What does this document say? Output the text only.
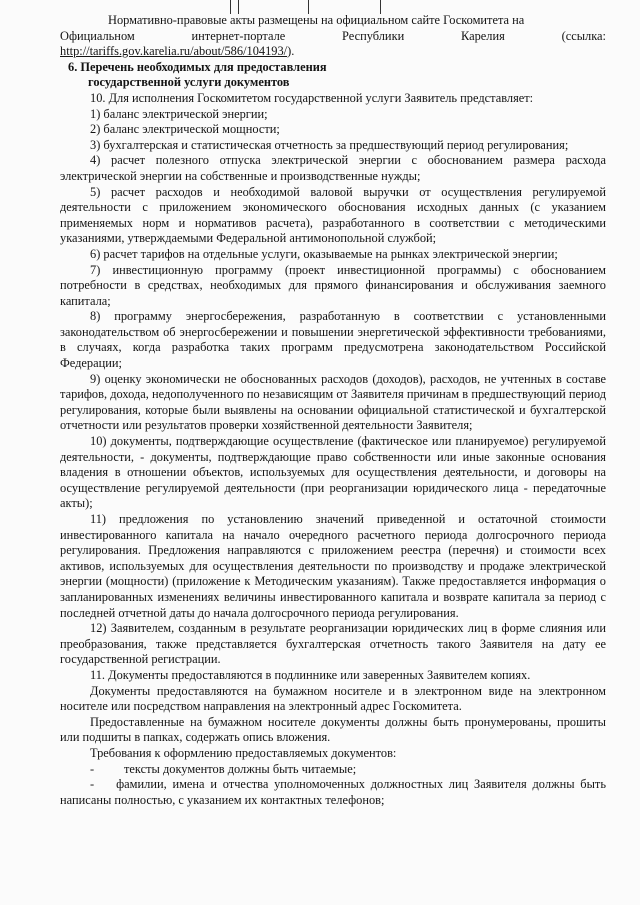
Нормативно-правовые акты размещены на официальном сайте Госкомитета на

Официальном интернет-портале Республики Карелия (ссылка:

http://tariffs.gov.karelia.ru/about/586/104193/).

6. Перечень необходимых для предоставления

государственной услуги документов

10. Для исполнения Госкомитетом государственной услуги Заявитель представляет:

1) баланс электрической энергии;

2) баланс электрической мощности;

3) бухгалтерская и статистическая отчетность за предшествующий период регулирования;

4) расчет полезного отпуска электрической энергии с обоснованием размера расхода электрической энергии на собственные и производственные нужды;

5) расчет расходов и необходимой валовой выручки от осуществления регулируемой деятельности с приложением экономического обоснования исходных данных (с указанием применяемых норм и нормативов расчета), разработанного в соответствии с методическими указаниями, утверждаемыми Федеральной антимонопольной службой;

6) расчет тарифов на отдельные услуги, оказываемые на рынках электрической энергии;

7) инвестиционную программу (проект инвестиционной программы) с обоснованием потребности в средствах, необходимых для прямого финансирования и обслуживания заемного капитала;

8) программу энергосбережения, разработанную в соответствии с установленными законодательством об энергосбережении и повышении энергетической эффективности требованиями, в случаях, когда разработка таких программ предусмотрена законодательством Российской Федерации;

9) оценку экономически не обоснованных расходов (доходов), расходов, не учтенных в составе тарифов, дохода, недополученного по независящим от Заявителя причинам в предшествующий период регулирования, которые были выявлены на основании официальной статистической и бухгалтерской отчетности или результатов проверки хозяйственной деятельности Заявителя;

10) документы, подтверждающие осуществление (фактическое или планируемое) регулируемой деятельности, - документы, подтверждающие право собственности или иные законные основания владения в отношении объектов, используемых для осуществления деятельности, и договоры на осуществление регулируемой деятельности (при реорганизации юридического лица - передаточные акты);

11) предложения по установлению значений приведенной и остаточной стоимости инвестированного капитала на начало очередного расчетного периода долгосрочного периода регулирования. Предложения направляются с приложением реестра (перечня) и стоимости всех активов, используемых для осуществления деятельности по производству и продаже электрической энергии (мощности) (приложение к Методическим указаниям). Также предоставляется информация о запланированных изменениях величины инвестированного капитала и возврате капитала за период с последней отчетной даты до начала долгосрочного периода регулирования.

12) Заявителем, созданным в результате реорганизации юридических лиц в форме слияния или преобразования, также представляется бухгалтерская отчетность такого Заявителя на дату ее государственной регистрации.

11. Документы предоставляются в подлиннике или заверенных Заявителем копиях.

Документы предоставляются на бумажном носителе и в электронном виде на электронном носителе или посредством направления на электронный адрес Госкомитета.

Предоставленные на бумажном носителе документы должны быть пронумерованы, прошиты или подшиты в папках, содержать опись вложения.

Требования к оформлению предоставляемых документов:

-	тексты документов должны быть читаемые;

- фамилии, имена и отчества уполномоченных должностных лиц Заявителя должны быть написаны полностью, с указанием их контактных телефонов;
